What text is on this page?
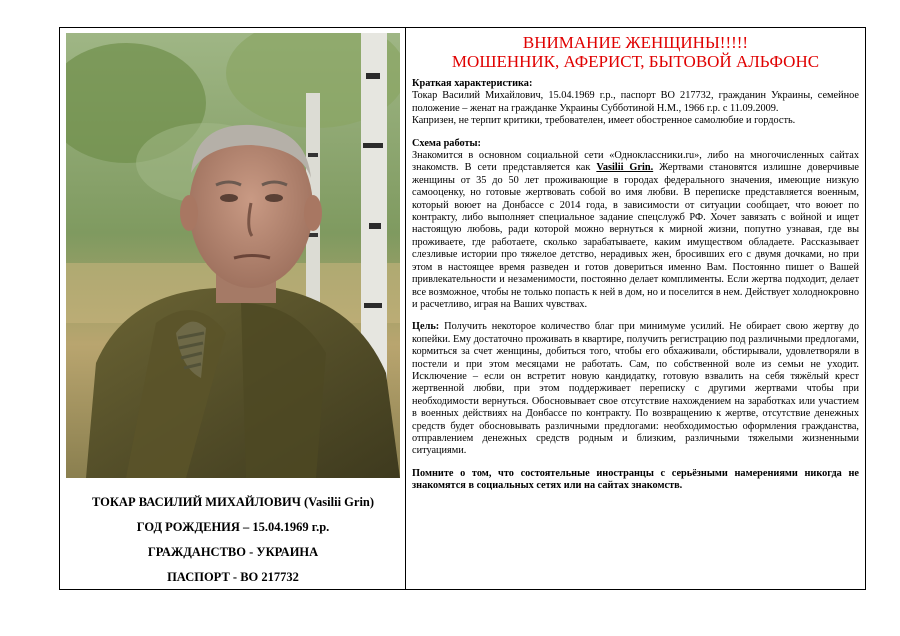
ТОКАР ВАСИЛИЙ МИХАЙЛОВИЧ (Vasilii Grin)
ГОД РОЖДЕНИЯ – 15.04.1969 г.р.
ГРАЖДАНСТВО - УКРАИНА
ПАСПОРТ - ВО 217732
ВНИМАНИЕ ЖЕНЩИНЫ!!!!!
МОШЕННИК, АФЕРИСТ, БЫТОВОЙ АЛЬФОНС

Краткая характеристика:

Токар Василий Михайлович, 15.04.1969 г.р., паспорт ВО 217732, гражданин Украины, семейное положение – женат на гражданке Украины Субботиной Н.М., 1966 г.р. с 11.09.2009.

Капризен, не терпит критики, требователен, имеет обостренное самолюбие и гордость.

Схема работы:

Знакомится в основном социальной сети «Одноклассники.ru», либо на многочисленных сайтах знакомств. В сети представляется как Vasilii Grin. Жертвами становятся излишне доверчивые женщины от 35 до 50 лет проживающие в городах федерального значения, имеющие низкую самооценку, но готовые жертвовать собой во имя любви. В переписке представляется военным, который воюет на Донбассе с 2014 года, в зависимости от ситуации сообщает, что воюет по контракту, либо выполняет специальное задание спецслужб РФ. Хочет завязать с войной и ищет настоящую любовь, ради которой можно вернуться к мирной жизни, попутно узнавая, где вы проживаете, где работаете, сколько зарабатываете, каким имуществом обладаете. Рассказывает слезливые истории про тяжелое детство, нерадивых жен, бросивших его с двумя дочками, но при этом в настоящее время разведен и готов довериться именно Вам. Постоянно пишет о Вашей привлекательности и незаменимости, постоянно делает комплименты. Если жертва подходит, делает все возможное, чтобы не только попасть к ней в дом, но и поселится в нем. Действует холоднокровно и расчетливо, играя на Ваших чувствах.

Цель: Получить некоторое количество благ при минимуме усилий. Не обирает свою жертву до копейки. Ему достаточно проживать в квартире, получить регистрацию под различными предлогами, кормиться за счет женщины, добиться того, чтобы его обхаживали, обстирывали, удовлетворяли в постели и при этом месяцами не работать. Сам, по собственной воле из семьи не уходит. Исключение – если он встретит новую кандидатку, готовую взвалить на себя тяжёлый крест жертвенной любви, при этом поддерживает переписку с другими жертвами чтобы при необходимости вернуться. Обосновывает свое отсутствие нахождением на заработках или участием в военных действиях на Донбассе по контракту. По возвращению к жертве, отсутствие денежных средств будет обосновывать различными предлогами: необходимостью оформления гражданства, отправлением денежных средств родным и близким, различными тяжелыми жизненными ситуациями.

Помните о том, что состоятельные иностранцы с серьёзными намерениями никогда не знакомятся в социальных сетях или на сайтах знакомств.
